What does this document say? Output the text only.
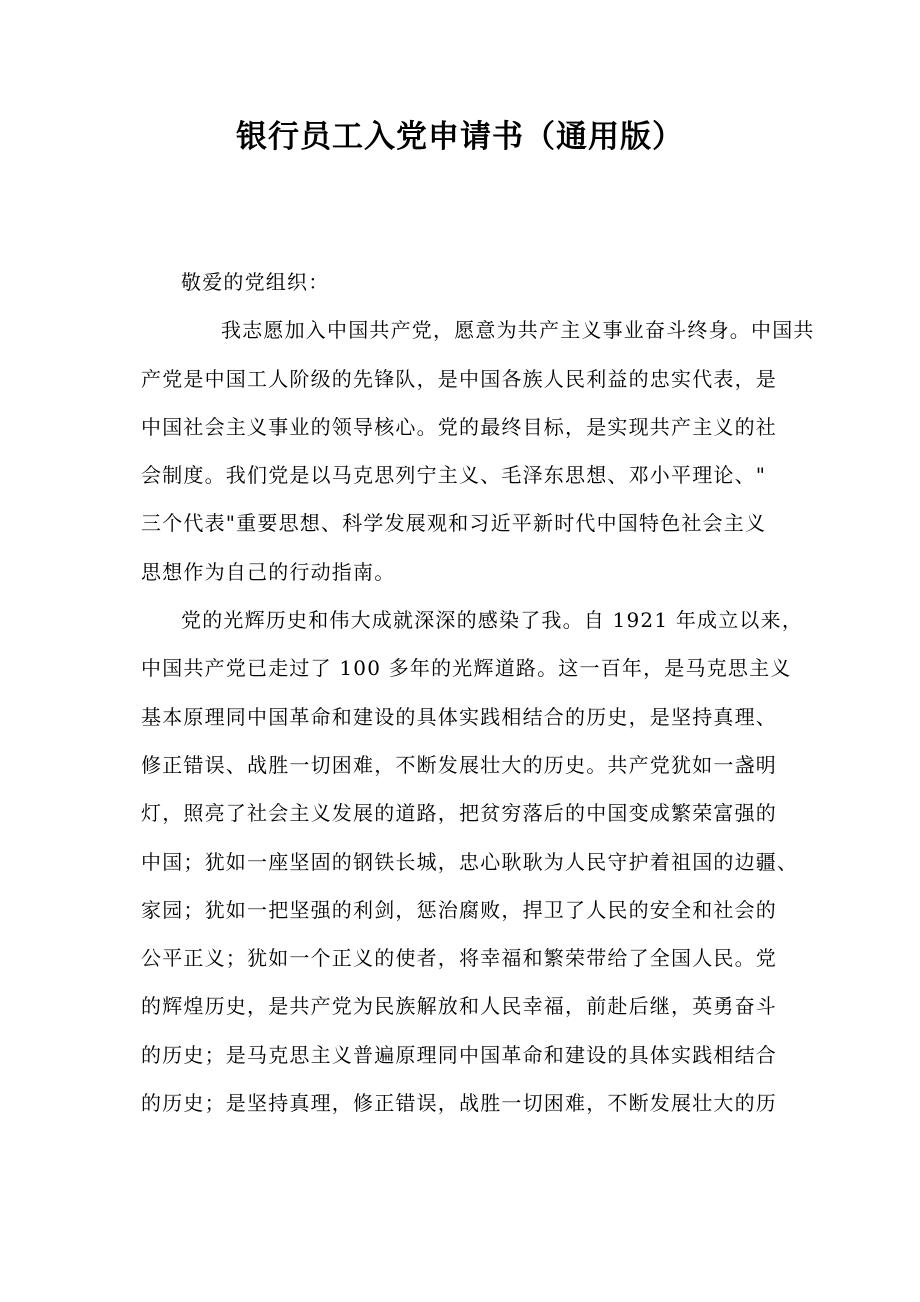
银行员工入党申请书（通用版）

敬爱的党组织：

我志愿加入中国共产党，愿意为共产主义事业奋斗终身。中国共
产党是中国工人阶级的先锋队，是中国各族人民利益的忠实代表，是
中国社会主义事业的领导核心。党的最终目标，是实现共产主义的社
会制度。我们党是以马克思列宁主义、毛泽东思想、邓小平理论、"
三个代表"重要思想、科学发展观和习近平新时代中国特色社会主义
思想作为自己的行动指南。

党的光辉历史和伟大成就深深的感染了我。自 1921 年成立以来，
中国共产党已走过了 100 多年的光辉道路。这一百年，是马克思主义
基本原理同中国革命和建设的具体实践相结合的历史，是坚持真理、
修正错误、战胜一切困难，不断发展壮大的历史。共产党犹如一盏明
灯，照亮了社会主义发展的道路，把贫穷落后的中国变成繁荣富强的
中国；犹如一座坚固的钢铁长城，忠心耿耿为人民守护着祖国的边疆、
家园；犹如一把坚强的利剑，惩治腐败，捍卫了人民的安全和社会的
公平正义；犹如一个正义的使者，将幸福和繁荣带给了全国人民。党
的辉煌历史，是共产党为民族解放和人民幸福，前赴后继，英勇奋斗
的历史；是马克思主义普遍原理同中国革命和建设的具体实践相结合
的历史；是坚持真理，修正错误，战胜一切困难，不断发展壮大的历
